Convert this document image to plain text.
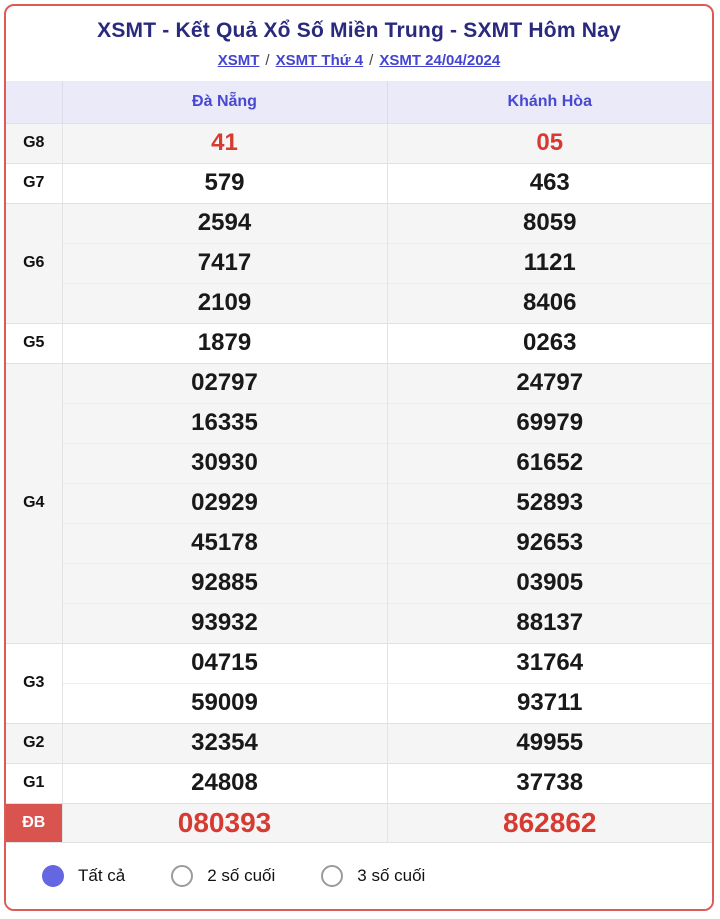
XSMT - Kết Quả Xổ Số Miền Trung - SXMT Hôm Nay
XSMT / XSMT Thứ 4 / XSMT 24/04/2024
	Đà Nẵng	Khánh Hòa
G8	41	05
G7	579	463
G6	2594	8059
	7417	1121
	2109	8406
G5	1879	0263
G4	02797	24797
	16335	69979
	30930	61652
	02929	52893
	45178	92653
	92885	03905
	93932	88137
G3	04715	31764
	59009	93711
G2	32354	49955
G1	24808	37738
ĐB	080393	862862
Tất cả	2 số cuối	3 số cuối
